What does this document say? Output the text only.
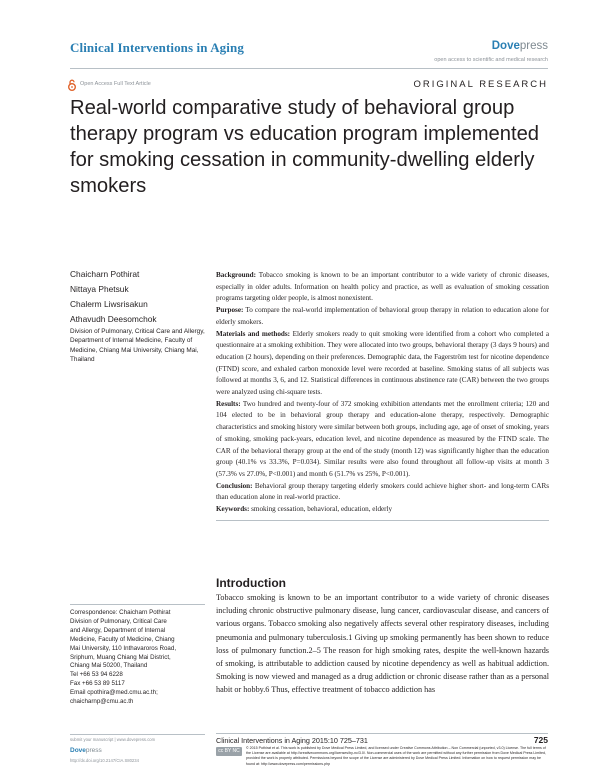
Clinical Interventions in Aging	Dovepress
open access to scientific and medical research
Open Access Full Text Article	ORIGINAL RESEARCH
Real-world comparative study of behavioral group therapy program vs education program implemented for smoking cessation in community-dwelling elderly smokers
Chaicharn Pothirat
Nittaya Phetsuk
Chalerm Liwsrisakun
Athavudh Deesomchok
Division of Pulmonary, Critical Care and Allergy, Department of Internal Medicine, Faculty of Medicine, Chiang Mai University, Chiang Mai, Thailand

Background: Tobacco smoking is known to be an important contributor to a wide variety of chronic diseases, especially in older adults. Information on health policy and practice, as well as evaluation of smoking cessation programs targeting older people, is almost nonexistent.

Purpose: To compare the real-world implementation of behavioral group therapy in relation to education alone for elderly smokers.

Materials and methods: Elderly smokers ready to quit smoking were identified from a cohort who completed a questionnaire at a smoking exhibition. They were allocated into two groups, behavioral therapy (3 days 9 hours) and education (2 hours), depending on their preferences. Demographic data, the Fagerström test for nicotine dependence (FTND) score, and exhaled carbon monoxide level were recorded at baseline. Smoking status of all subjects was followed at months 3, 6, and 12. Statistical differences in continuous abstinence rate (CAR) between the two groups were analyzed using chi-square tests.

Results: Two hundred and twenty-four of 372 smoking exhibition attendants met the enrollment criteria; 120 and 104 elected to be in behavioral group therapy and education-alone therapy, respectively. Demographic characteristics and smoking history were similar between both groups, including age, age of onset of smoking, years of smoking, smoking pack-years, education level, and nicotine dependence as measured by the FTND scale. The CAR of the behavioral therapy group at the end of the study (month 12) was significantly higher than the education group (40.1% vs 33.3%, P=0.034). Similar results were also found throughout all follow-up visits at month 3 (57.3% vs 27.0%, P<0.001) and month 6 (51.7% vs 25%, P<0.001).

Conclusion: Behavioral group therapy targeting elderly smokers could achieve higher short- and long-term CARs than education alone in real-world practice.

Keywords: smoking cessation, behavioral, education, elderly

Introduction

Tobacco smoking is known to be an important contributor to a wide variety of chronic diseases including chronic obstructive pulmonary disease, lung cancer, cardiovascular disease, and cancers of various organs. Tobacco smoking also negatively affects several other respiratory diseases, including pneumonia and pulmonary tuberculosis.1 Giving up smoking permanently has been shown to reduce loss of pulmonary function.2–5 The reason for high smoking rates, despite the well-known hazards of smoking, is attributable to addiction caused by nicotine dependency as well as habitual addiction. Smoking is now viewed and managed as a drug addiction or chronic disease rather than as a personal habit or hobby.6 Thus, effective treatment of tobacco addiction has

Correspondence: Chaicharn Pothirat
Division of Pulmonary, Critical Care
and Allergy, Department of Internal
Medicine, Faculty of Medicine, Chiang
Mai University, 110 Inthavaroros Road,
Sriphum, Muang Chiang Mai District,
Chiang Mai 50200, Thailand
Tel +66 53 94 6228
Fax +66 53 89 5117
Email cpothira@med.cmu.ac.th;
chaicharnp@cmu.ac.th
submit your manuscript | www.dovepress.com
Dovepress
http://dx.doi.org/10.2147/CIA.S80234
Clinical Interventions in Aging 2015:10 725–731	725
cc BY NC	© 2015 Pothirat et al. This work is published by Dove Medical Press Limited, and licensed under Creative Commons Attribution – Non Commercial (unported, v3.0) License. The full terms of the License are available at http://creativecommons.org/licenses/by-nc/3.0/. Non-commercial uses of the work are permitted without any further permission from Dove Medical Press Limited, provided the work is properly attributed. Permissions beyond the scope of the License are administered by Dove Medical Press Limited. Information on how to request permission may be found at: http://www.dovepress.com/permissions.php
